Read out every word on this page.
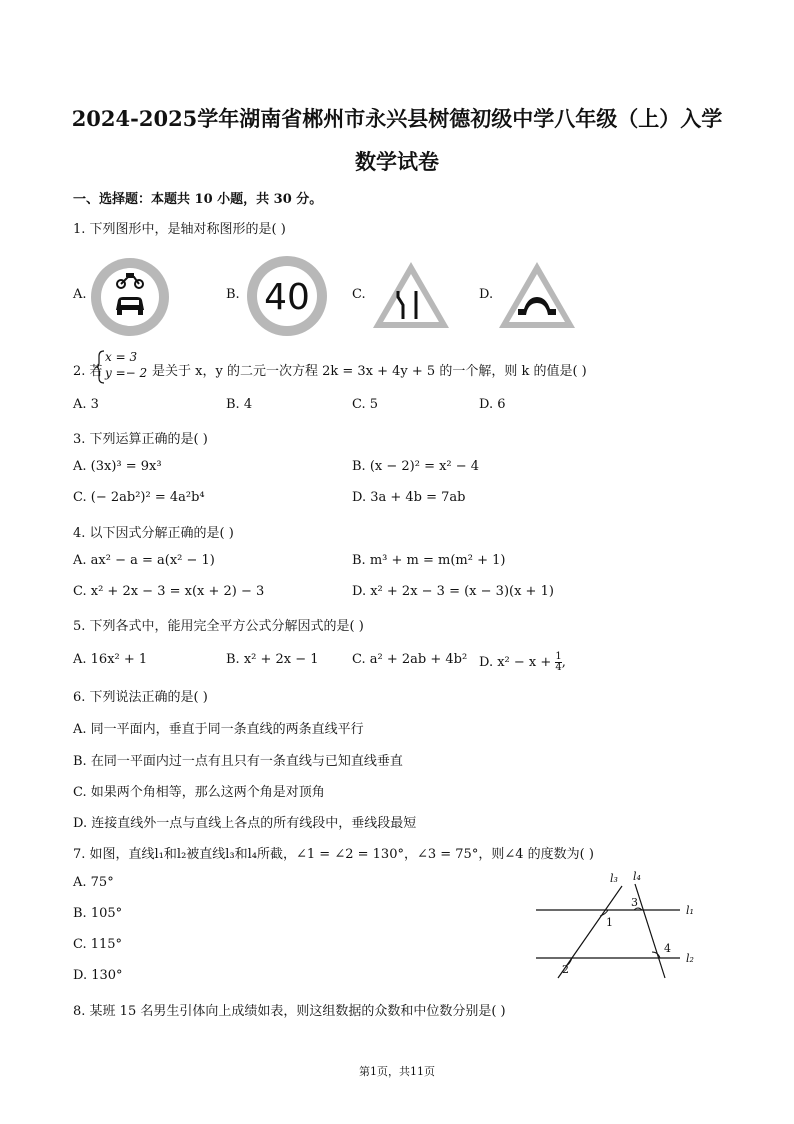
2024-2025学年湖南省郴州市永兴县树德初级中学八年级（上）入学
数学试卷
一、选择题：本题共 10 小题，共 30 分。
1. 下列图形中，是轴对称图形的是( )
A.	B.	C.	D.
40
2. 若
x = 3
y =− 2 是关于 x，y 的二元一次方程 2k = 3x + 4y + 5 的一个解，则 k 的值是( )
A. 3	B. 4	C. 5	D. 6
3. 下列运算正确的是( )
A. (3x)³ = 9x³	B. (x − 2)² = x² − 4
C. (− 2ab²)² = 4a²b⁴	D. 3a + 4b = 7ab
4. 以下因式分解正确的是( )
A. ax² − a = a(x² − 1)	B. m³ + m = m(m² + 1)
C. x² + 2x − 3 = x(x + 2) − 3	D. x² + 2x − 3 = (x − 3)(x + 1)
5. 下列各式中，能用完全平方公式分解因式的是( )
A. 16x² + 1	B. x² + 2x − 1	C. a² + 2ab + 4b² D. $x^2 - x + \frac{1}{4}$ ,
6. 下列说法正确的是( )
A. 同一平面内，垂直于同一条直线的两条直线平行
B. 在同一平面内过一点有且只有一条直线与已知直线垂直
C. 如果两个角相等，那么这两个角是对顶角
D. 连接直线外一点与直线上各点的所有线段中，垂线段最短
7. 如图，直线l₁和l₂被直线l₃和l₄所截，∠1 = ∠2 = 130°，∠3 = 75°，则∠4 的度数为( )
A. 75°
B. 105°
C. 115°
D. 130°
l₃ l₄
l₁
l₂
1
2
3
4
8. 某班 15 名男生引体向上成绩如表，则这组数据的众数和中位数分别是( )
第1页，共11页
